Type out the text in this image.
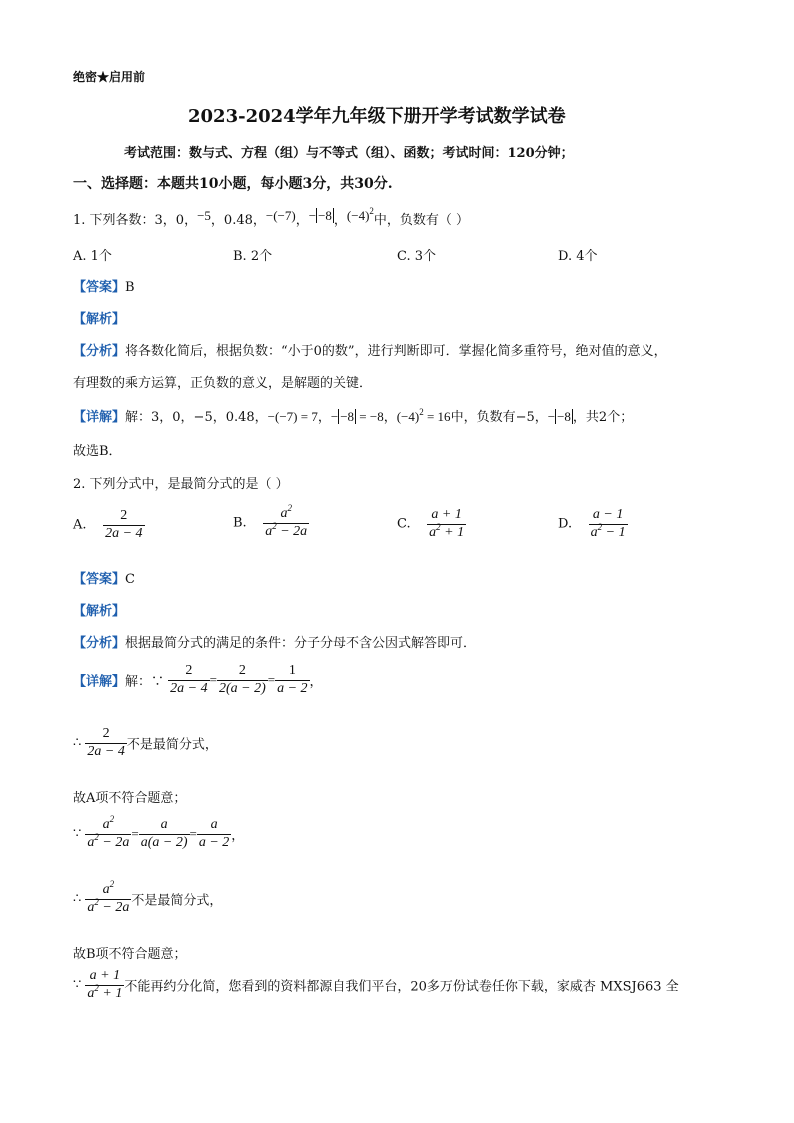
绝密★启用前
2023-2024学年九年级下册开学考试数学试卷
考试范围：数与式、方程（组）与不等式（组）、函数；考试时间：120分钟；
一、选择题：本题共10小题，每小题3分，共30分.
1. 下列各数：3，0，−5，0.48，−(−7)，− −8 ，$(-4)^2$中，负数有（ ）
A. 1个	B. 2个	C. 3个	D. 4个
【答案】B
【解析】
【分析】将各数化简后，根据负数：“小于0的数”，进行判断即可．掌握化简多重符号，绝对值的意义，
有理数的乘方运算，正负数的意义，是解题的关键．
【详解】解：3，0，−5，0.48，−(−7) = 7，− −8 = −8，$(-4)^2 = 16$中，负数有−5，− −8 ，共2个；
故选B．
2. 下列分式中，是最简分式的是（ ）
A. $\frac{2}{2a - 4}$	B. $\frac{a^2}{a^2 - 2a}$	C. $\frac{a + 1}{a^2 + 1}$	D. $\frac{a - 1}{a^2 - 1}$
【答案】C
【解析】
【分析】根据最简分式的满足的条件：分子分母不含公因式解答即可．
【详解】解：∵ $\frac{2}{2a - 4} = \frac{2}{2(a - 2)} = \frac{1}{a - 2}$ ，
∴ $\frac{2}{2a - 4}$ 不是最简分式，
故A项不符合题意；
∵ $\frac{a^2}{a^2 - 2a} = \frac{a}{a(a - 2)} = \frac{a}{a - 2}$ ，
∴ $\frac{a^2}{a^2 - 2a}$ 不是最简分式，
故B项不符合题意；
∵ $\frac{a + 1}{a^2 + 1}$ 不能再约分化简，您看到的资料都源自我们平台，20多万份试卷任你下载，家威杏 MXSJ663 全
